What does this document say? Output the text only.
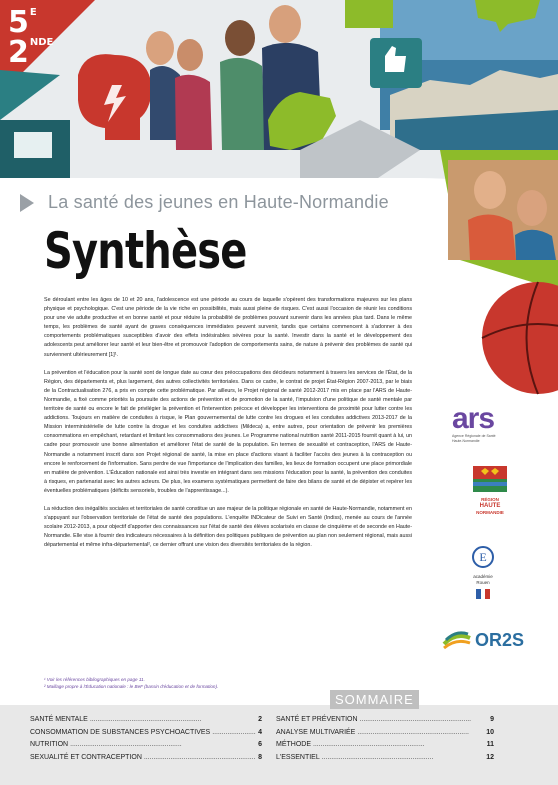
$5^E$
2NDE
La santé des jeunes en Haute-Normandie
Synthèse

Se déroulant entre les âges de 10 et 20 ans, l'adolescence est une période au cours de laquelle s'opèrent des transformations majeures sur les plans physique et psychologique. C'est une période de la vie riche en possibilités, mais aussi pleine de risques. C'est aussi l'occasion de réunir les conditions pour une vie adulte productive et en bonne santé et pour réduire la probabilité de problèmes pouvant survenir dans les années plus tard. Dans le même temps, les problèmes de santé ayant de graves conséquences immédiates peuvent survenir, tandis que certains commencent à s'adonner à des comportements problématiques susceptibles d'avoir des effets indésirables sévères pour la santé. Investir dans la santé et le développement des adolescents peut améliorer leur santé et leur bien-être et promouvoir l'adoption de comportements sains, de nature à prévenir des problèmes de santé qui surviennent ultérieurement [1]¹.

La prévention et l'éducation pour la santé sont de longue date au cœur des préoccupations des décideurs notamment à travers les services de l'État, de la Région, des départements et, plus largement, des autres collectivités territoriales. Dans ce cadre, le contrat de projet État-Région 2007-2013, par le biais de la Contractualisation 276, a pris en compte cette problématique. Par ailleurs, le Projet régional de santé 2012-2017 mis en place par l'ARS de Haute-Normandie, a fixé comme priorités la poursuite des actions de prévention et de promotion de la santé, l'impulsion d'une politique de santé mentale par territoire de santé ou encore le fait de privilégier la prévention et l'intervention précoce et développer les interventions de proximité pour lutter contre les addictions. Toujours en matière de conduites à risque, le Plan gouvernemental de lutte contre les drogues et les conduites addictives 2013-2017 de la Mission interministérielle de lutte contre la drogue et les conduites addictives (Mildeca) a, entre autres, pour orientation de prévenir les premières consommations en empêchant, retardant et limitant les consommations des jeunes. Le Programme national nutrition santé 2011-2015 fournit quant à lui, un cadre pour promouvoir une bonne alimentation et améliorer l'état de santé de la population. En termes de sexualité et contraception, l'ARS de Haute-Normandie a notamment inscrit dans son Projet régional de santé, la mise en place d'actions visant à faciliter l'accès des jeunes à la contraception ou encore le renforcement de l'information. Sans perdre de vue l'importance de l'implication des familles, les lieux de formation occupent une place primordiale en matière de prévention. L'Éducation nationale est ainsi très investie en intégrant dans ses missions l'éducation pour la santé, la prévention des conduites à risques, en partenariat avec les autres acteurs. De plus, les examens systématiques permettent de faire des bilans de santé et de dépister et repérer les éventuelles problématiques (déficits sensoriels, troubles de l'apprentissage...).

La réduction des inégalités sociales et territoriales de santé constitue un axe majeur de la politique régionale en santé de Haute-Normandie, notamment en s'appuyant sur l'observation territoriale de l'état de santé des populations. L'enquête INDicateur de Suivi en Santé (Indiss), menée au cours de l'année scolaire 2012-2013, a pour objectif d'apporter des connaissances sur l'état de santé des élèves scolarisés en classe de cinquième et de seconde en Haute-Normandie. Elle vise à fournir des indicateurs nécessaires à la définition des politiques publiques de prévention au plan non seulement régional, mais aussi départemental et même infra-départemental², ce dernier offrant une vision des diversités territoriales de la région.

¹ Voir les références bibliographiques en page 11.
² Maillage propre à l'Éducation nationale : le BeF (bassin d'éducation et de formation).
ars
Agence Régionale de Santé
Haute-Normandie
RÉGION
HAUTE
NORMANDIE
E
académie
Rouen
OR2S
SOMMAIRE
SANTÉ MENTALE . . .	2
CONSOMMATION DE SUBSTANCES PSYCHOACTIVES . . .	4
NUTRITION . . .	6
SEXUALITÉ ET CONTRACEPTION . . .	8
SANTÉ ET PRÉVENTION . . .	9
ANALYSE MULTIVARIÉE . . .	10
MÉTHODE . . .	11
L'ESSENTIEL . . .	12
